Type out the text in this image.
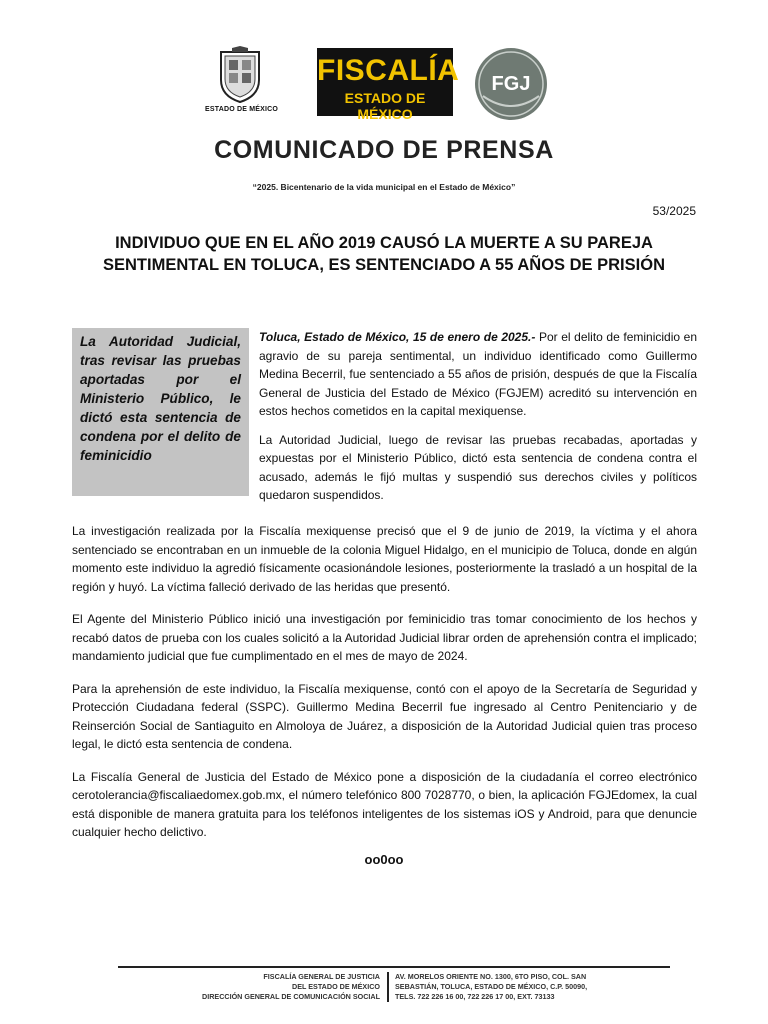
ESTADO DE MÉXICO
FISCALÍA
ESTADO DE MÉXICO
FGJ
COMUNICADO DE PRENSA
“2025. Bicentenario de la vida municipal en el Estado de México”
53/2025
INDIVIDUO QUE EN EL AÑO 2019 CAUSÓ LA MUERTE A SU PAREJA SENTIMENTAL EN TOLUCA, ES SENTENCIADO A 55 AÑOS DE PRISIÓN

La Autoridad Judicial, tras revisar las pruebas aportadas por el Ministerio Público, le dictó esta sentencia de condena por el delito de feminicidio

Toluca, Estado de México, 15 de enero de 2025.- Por el delito de feminicidio en agravio de su pareja sentimental, un individuo identificado como Guillermo Medina Becerril, fue sentenciado a 55 años de prisión, después de que la Fiscalía General de Justicia del Estado de México (FGJEM) acreditó su intervención en estos hechos cometidos en la capital mexiquense.

La Autoridad Judicial, luego de revisar las pruebas recabadas, aportadas y expuestas por el Ministerio Público, dictó esta sentencia de condena contra el acusado, además le fijó multas y suspendió sus derechos civiles y políticos quedaron suspendidos.

La investigación realizada por la Fiscalía mexiquense precisó que el 9 de junio de 2019, la víctima y el ahora sentenciado se encontraban en un inmueble de la colonia Miguel Hidalgo, en el municipio de Toluca, donde en algún momento este individuo la agredió físicamente ocasionándole lesiones, posteriormente la trasladó a un hospital de la región y huyó. La víctima falleció derivado de las heridas que presentó.

El Agente del Ministerio Público inició una investigación por feminicidio tras tomar conocimiento de los hechos y recabó datos de prueba con los cuales solicitó a la Autoridad Judicial librar orden de aprehensión contra el implicado; mandamiento judicial que fue cumplimentado en el mes de mayo de 2024.

Para la aprehensión de este individuo, la Fiscalía mexiquense, contó con el apoyo de la Secretaría de Seguridad y Protección Ciudadana federal (SSPC). Guillermo Medina Becerril fue ingresado al Centro Penitenciario y de Reinserción Social de Santiaguito en Almoloya de Juárez, a disposición de la Autoridad Judicial quien tras proceso legal, le dictó esta sentencia de condena.

La Fiscalía General de Justicia del Estado de México pone a disposición de la ciudadanía el correo electrónico cerotolerancia@fiscaliaedomex.gob.mx, el número telefónico 800 7028770, o bien, la aplicación FGJEdomex, la cual está disponible de manera gratuita para los teléfonos inteligentes de los sistemas iOS y Android, para que denuncie cualquier hecho delictivo.

oo0oo
FISCALÍA GENERAL DE JUSTICIA
DEL ESTADO DE MÉXICO
DIRECCIÓN GENERAL DE COMUNICACIÓN SOCIAL
AV. MORELOS ORIENTE NO. 1300, 6TO PISO, COL. SAN
SEBASTIÁN, TOLUCA, ESTADO DE MÉXICO, C.P. 50090,
TELS. 722 226 16 00, 722 226 17 00, EXT. 73133
